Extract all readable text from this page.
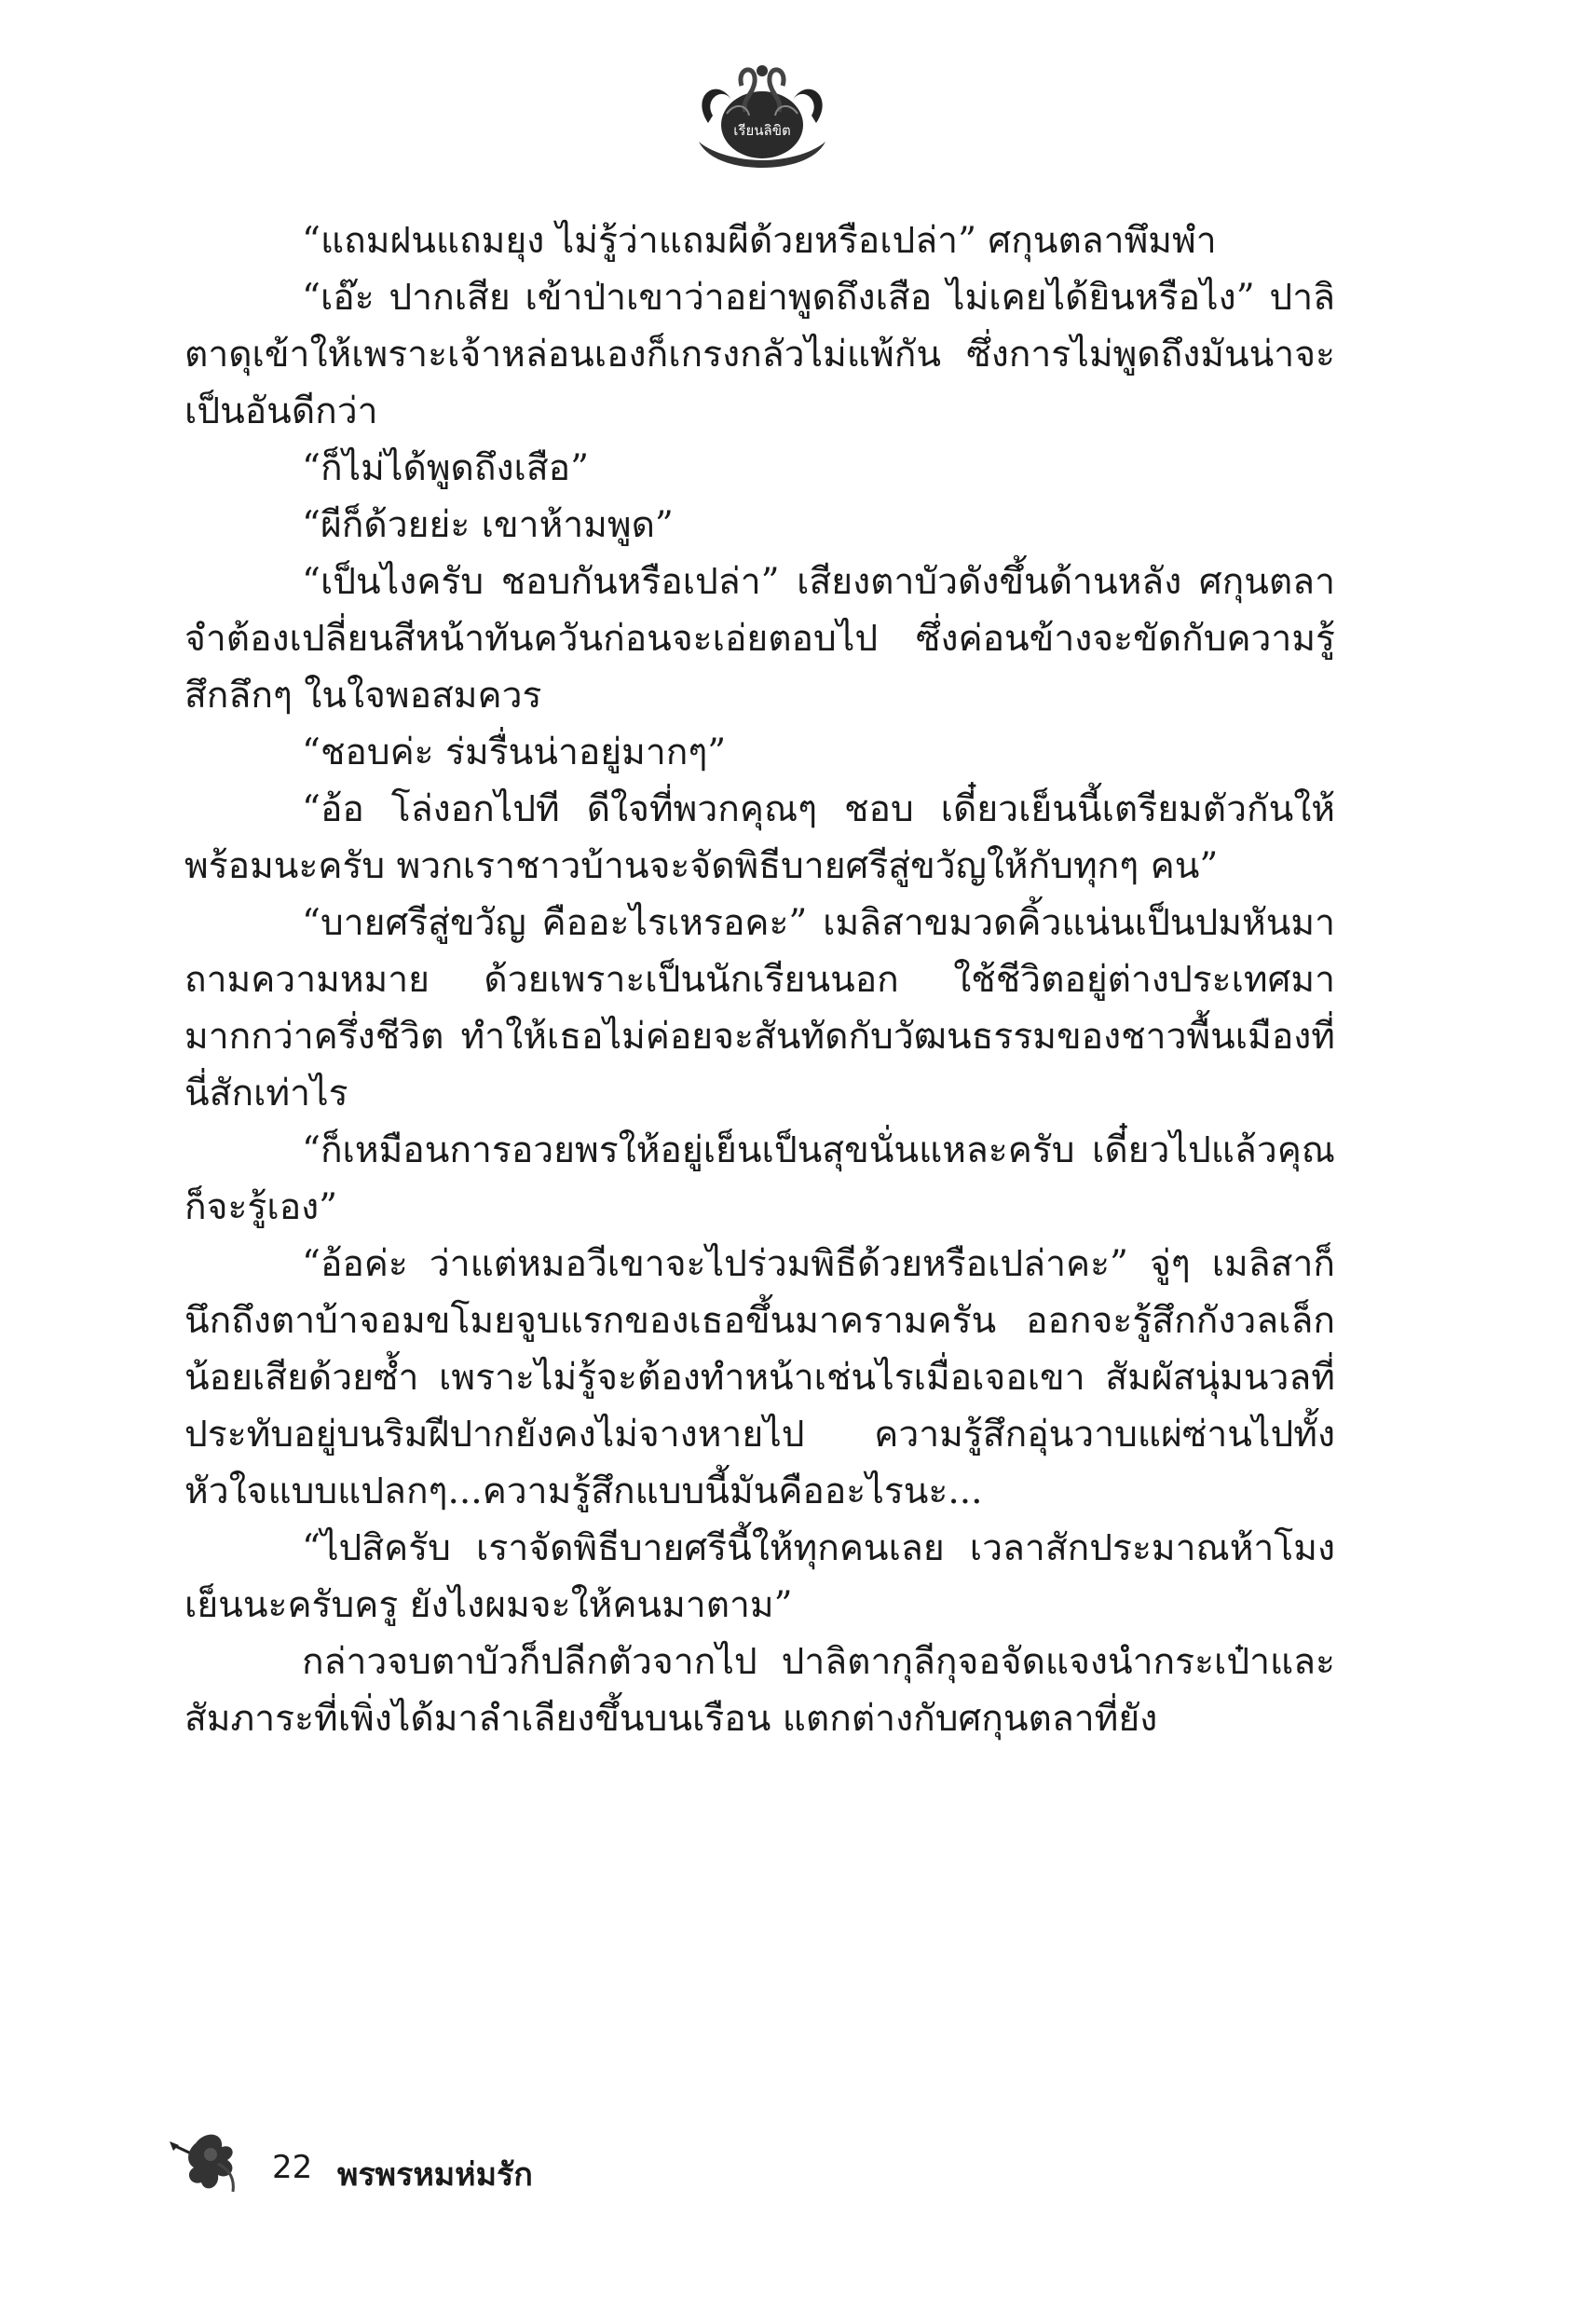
เรียนลิขิต

“แถมฝนแถมยุง ไม่รู้ว่าแถมผีด้วยหรือเปล่า” ศกุนตลาพึมพำ

“เอ๊ะ ปากเสีย เข้าป่าเขาว่าอย่าพูดถึงเสือ ไม่เคยได้ยินหรือไง” ปาลิตาดุเข้าให้เพราะเจ้าหล่อนเองก็เกรงกลัวไม่แพ้กัน ซึ่งการไม่พูดถึงมันน่าจะเป็นอันดีกว่า

“ก็ไม่ได้พูดถึงเสือ”

“ผีก็ด้วยย่ะ เขาห้ามพูด”

“เป็นไงครับ ชอบกันหรือเปล่า” เสียงตาบัวดังขึ้นด้านหลัง ศกุนตลาจำต้องเปลี่ยนสีหน้าทันควันก่อนจะเอ่ยตอบไป ซึ่งค่อนข้างจะขัดกับความรู้สึกลึกๆ ในใจพอสมควร

“ชอบค่ะ ร่มรื่นน่าอยู่มากๆ”

“อ้อ โล่งอกไปที ดีใจที่พวกคุณๆ ชอบ เดี๋ยวเย็นนี้เตรียมตัวกันให้พร้อมนะครับ พวกเราชาวบ้านจะจัดพิธีบายศรีสู่ขวัญให้กับทุกๆ คน”

“บายศรีสู่ขวัญ คืออะไรเหรอคะ” เมลิสาขมวดคิ้วแน่นเป็นปมหันมาถามความหมาย ด้วยเพราะเป็นนักเรียนนอก ใช้ชีวิตอยู่ต่างประเทศมามากกว่าครึ่งชีวิต ทำให้เธอไม่ค่อยจะสันทัดกับวัฒนธรรมของชาวพื้นเมืองที่นี่สักเท่าไร

“ก็เหมือนการอวยพรให้อยู่เย็นเป็นสุขนั่นแหละครับ เดี๋ยวไปแล้วคุณก็จะรู้เอง”

“อ้อค่ะ ว่าแต่หมอวีเขาจะไปร่วมพิธีด้วยหรือเปล่าคะ” จู่ๆ เมลิสาก็นึกถึงตาบ้าจอมขโมยจูบแรกของเธอขึ้นมาครามครัน ออกจะรู้สึกกังวลเล็กน้อยเสียด้วยซ้ำ เพราะไม่รู้จะต้องทำหน้าเช่นไรเมื่อเจอเขา สัมผัสนุ่มนวลที่ประทับอยู่บนริมฝีปากยังคงไม่จางหายไป ความรู้สึกอุ่นวาบแผ่ซ่านไปทั้งหัวใจแบบแปลกๆ...ความรู้สึกแบบนี้มันคืออะไรนะ...

“ไปสิครับ เราจัดพิธีบายศรีนี้ให้ทุกคนเลย เวลาสักประมาณห้าโมงเย็นนะครับครู ยังไงผมจะให้คนมาตาม”

กล่าวจบตาบัวก็ปลีกตัวจากไป ปาลิตากุลีกุจอจัดแจงนำกระเป๋าและสัมภาระที่เพิ่งได้มาลำเลียงขึ้นบนเรือน แตกต่างกับศกุนตลาที่ยัง

22 พรพรหมห่มรัก
